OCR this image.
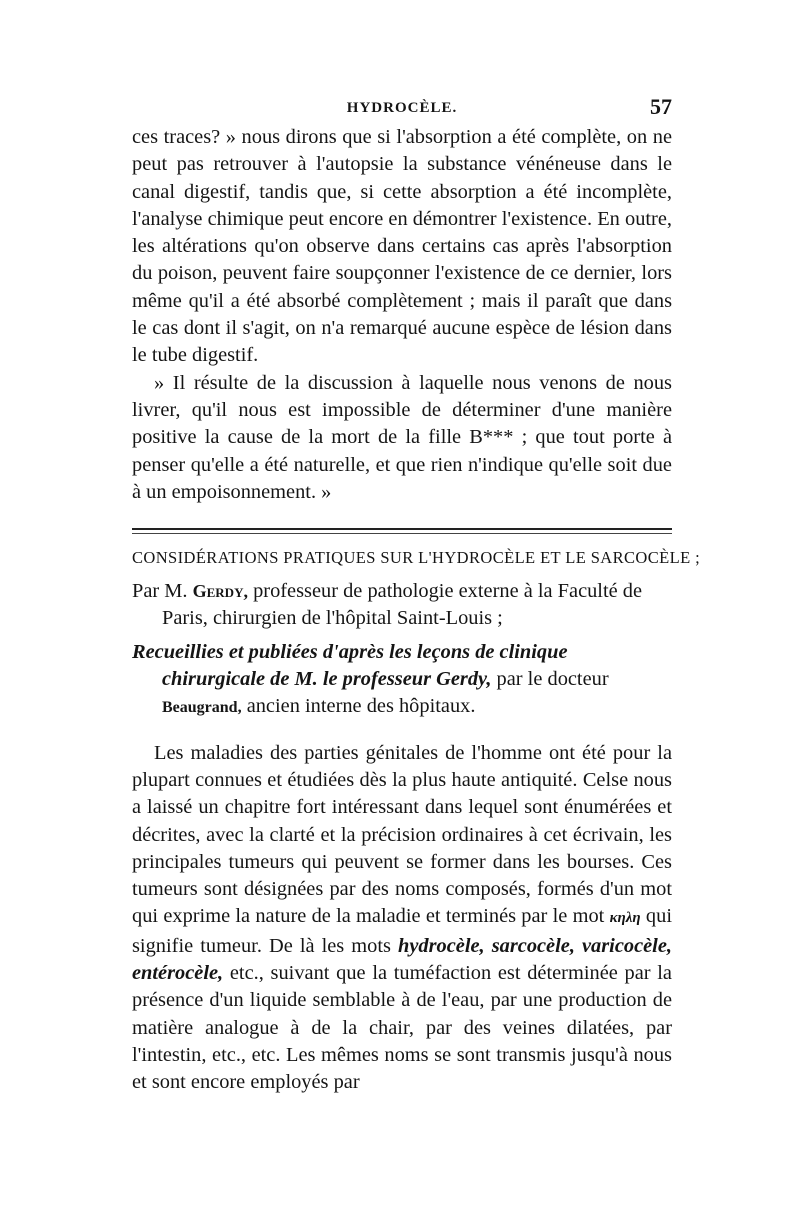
HYDROCÈLE.	57

ces traces? » nous dirons que si l'absorption a été complète, on ne peut pas retrouver à l'autopsie la substance vénéneuse dans le canal digestif, tandis que, si cette absorption a été incomplète, l'analyse chimique peut encore en démontrer l'existence. En outre, les altérations qu'on observe dans certains cas après l'absorption du poison, peuvent faire soupçonner l'existence de ce dernier, lors même qu'il a été absorbé complètement ; mais il paraît que dans le cas dont il s'agit, on n'a remarqué aucune espèce de lésion dans le tube digestif.

» Il résulte de la discussion à laquelle nous venons de nous livrer, qu'il nous est impossible de déterminer d'une manière positive la cause de la mort de la fille B*** ; que tout porte à penser qu'elle a été naturelle, et que rien n'indique qu'elle soit due à un empoisonnement. »

CONSIDÉRATIONS PRATIQUES SUR L'HYDROCÈLE ET LE SARCOCÈLE ;

Par M. Gerdy, professeur de pathologie externe à la Faculté de Paris, chirurgien de l'hôpital Saint-Louis ;

Recueillies et publiées d'après les leçons de clinique chirurgicale de M. le professeur Gerdy, par le docteur Beaugrand, ancien interne des hôpitaux.

Les maladies des parties génitales de l'homme ont été pour la plupart connues et étudiées dès la plus haute antiquité. Celse nous a laissé un chapitre fort intéressant dans lequel sont énumérées et décrites, avec la clarté et la précision ordinaires à cet écrivain, les principales tumeurs qui peuvent se former dans les bourses. Ces tumeurs sont désignées par des noms composés, formés d'un mot qui exprime la nature de la maladie et terminés par le mot κηλη qui signifie tumeur. De là les mots hydrocèle, sarcocèle, varicocèle, entérocèle, etc., suivant que la tuméfaction est déterminée par la présence d'un liquide semblable à de l'eau, par une production de matière analogue à de la chair, par des veines dilatées, par l'intestin, etc., etc. Les mêmes noms se sont transmis jusqu'à nous et sont encore employés par
